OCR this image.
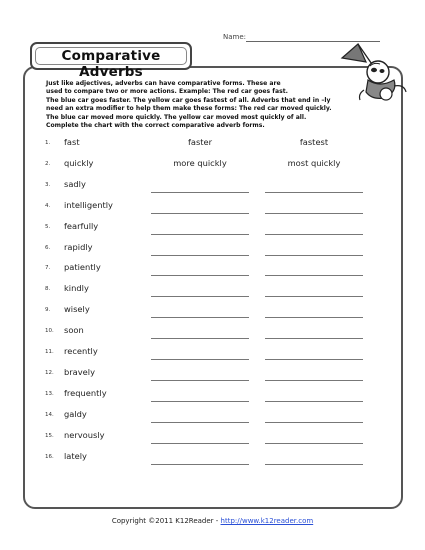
Name:
Comparative Adverbs
Just like adjectives, adverbs can have comparative forms. These are
used to compare two or more actions. Example: The red car goes fast.
The blue car goes faster. The yellow car goes fastest of all. Adverbs that end in –ly
need an extra modifier to help them make these forms: The red car moved quickly.
The blue car moved more quickly. The yellow car moved most quickly of all.
Complete the chart with the correct comparative adverb forms.
1. fast	faster	fastest
2. quickly	more quickly	most quickly
3. sadly
4. intelligently
5. fearfully
6. rapidly
7. patiently
8. kindly
9. wisely
10. soon
11. recently
12. bravely
13. frequently
14. galdy
15. nervously
16. lately
Copyright ©2011 K12Reader - http://www.k12reader.com
